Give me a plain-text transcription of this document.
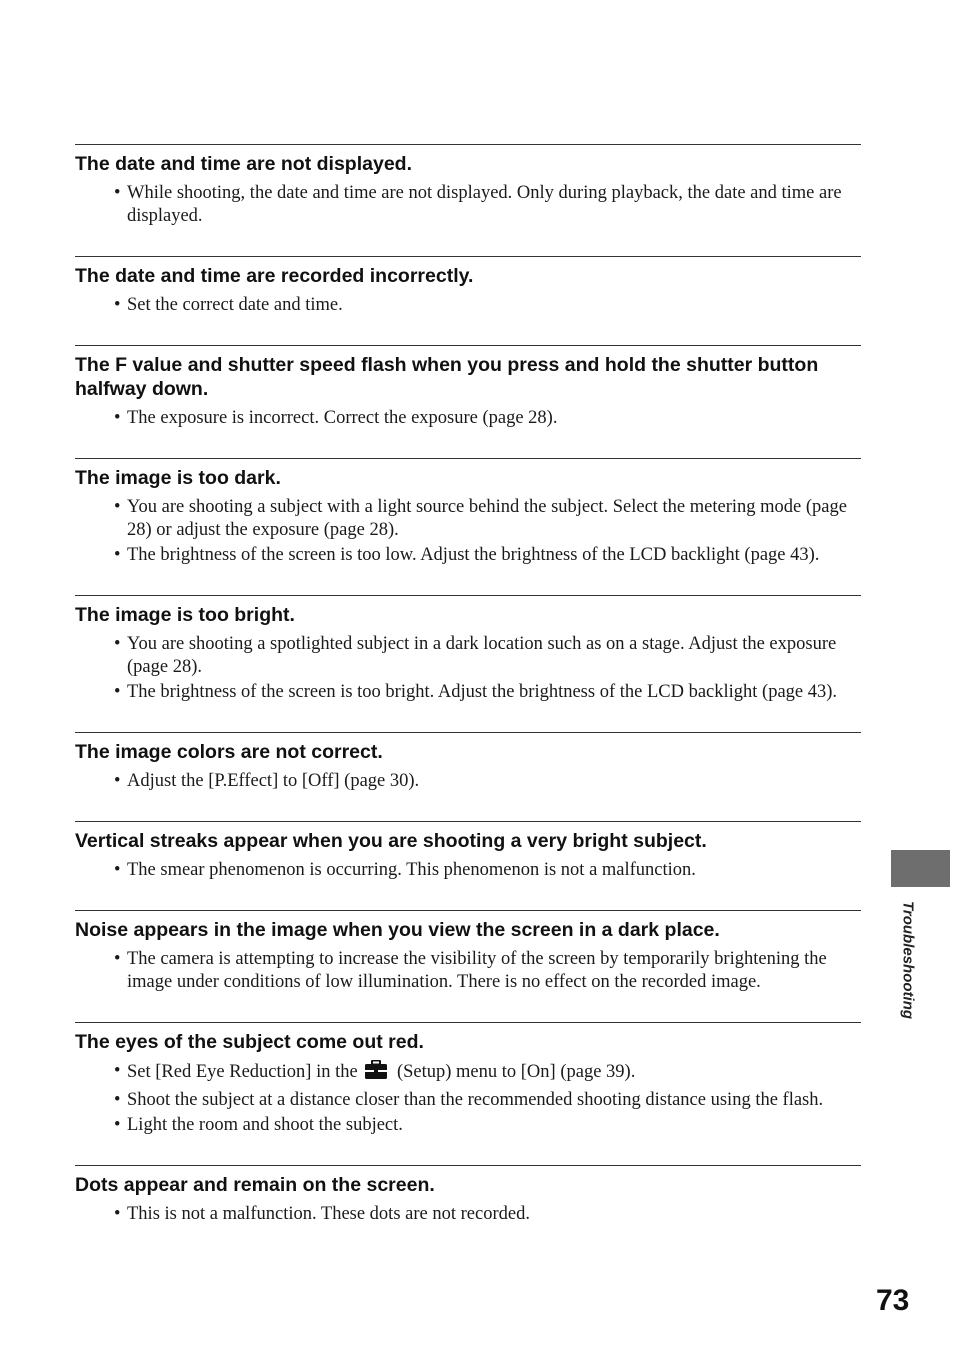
The date and time are not displayed.
• While shooting, the date and time are not displayed. Only during playback, the date and time are displayed.
The date and time are recorded incorrectly.
• Set the correct date and time.
The F value and shutter speed flash when you press and hold the shutter button halfway down.
• The exposure is incorrect. Correct the exposure (page 28).
The image is too dark.
• You are shooting a subject with a light source behind the subject. Select the metering mode (page 28) or adjust the exposure (page 28).
• The brightness of the screen is too low. Adjust the brightness of the LCD backlight (page 43).
The image is too bright.
• You are shooting a spotlighted subject in a dark location such as on a stage. Adjust the exposure (page 28).
• The brightness of the screen is too bright. Adjust the brightness of the LCD backlight (page 43).
The image colors are not correct.
• Adjust the [P.Effect] to [Off] (page 30).
Vertical streaks appear when you are shooting a very bright subject.
• The smear phenomenon is occurring. This phenomenon is not a malfunction.
Noise appears in the image when you view the screen in a dark place.
• The camera is attempting to increase the visibility of the screen by temporarily brightening the image under conditions of low illumination. There is no effect on the recorded image.
The eyes of the subject come out red.
• Set [Red Eye Reduction] in the (Setup) menu to [On] (page 39).
• Shoot the subject at a distance closer than the recommended shooting distance using the flash.
• Light the room and shoot the subject.
Dots appear and remain on the screen.
• This is not a malfunction. These dots are not recorded.
Troubleshooting
73
